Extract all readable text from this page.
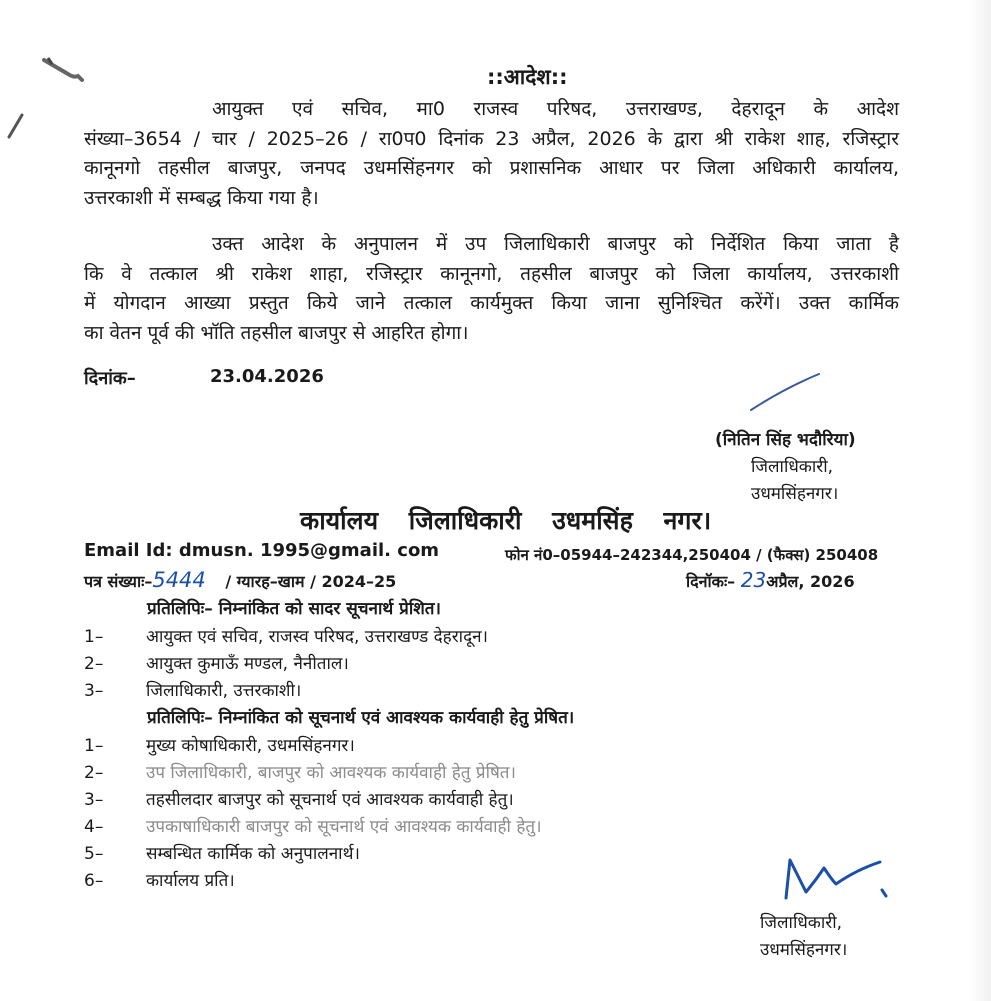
::आदेश::

आयुक्त एवं सचिव, मा0 राजस्व परिषद, उत्तराखण्ड, देहरादून के आदेश
संख्या–3654 / चार / 2025–26 / रा0प0 दिनांक 23 अप्रैल, 2026 के द्वारा श्री राकेश शाह, रजिस्ट्रार
कानूनगो तहसील बाजपुर, जनपद उधमसिंहनगर को प्रशासनिक आधार पर जिला अधिकारी कार्यालय,
उत्तरकाशी में सम्बद्ध किया गया है।

उक्त आदेश के अनुपालन में उप जिलाधिकारी बाजपुर को निर्देशित किया जाता है
कि वे तत्काल श्री राकेश शाहा, रजिस्ट्रार कानूनगो, तहसील बाजपुर को जिला कार्यालय, उत्तरकाशी
में योगदान आख्या प्रस्तुत किये जाने तत्काल कार्यमुक्त किया जाना सुनिश्चित करेंगें। उक्त कार्मिक
का वेतन पूर्व की भॉति तहसील बाजपुर से आहरित होगा।

दिनांक–	23.04.2026
(नितिन सिंह भदौरिया)
जिलाधिकारी,
उधमसिंहनगर।
कार्यालय जिलाधिकारी उधमसिंह नगर।
Email Id: dmusn. 1995@gmail. com	फोन नं0–05944–242344,250404 / (फैक्स) 250408
पत्र संख्याः–5444 / ग्यारह–खाम / 2024–25	दिनॉकः– 23अप्रैल, 2026
प्रतिलिपिः– निम्नांकित को सादर सूचनार्थ प्रेशित।
1–	आयुक्त एवं सचिव, राजस्व परिषद, उत्तराखण्ड देहरादून।
2–	आयुक्त कुमाऊँ मण्डल, नैनीताल।
3–	जिलाधिकारी, उत्तरकाशी।
प्रतिलिपिः– निम्नांकित को सूचनार्थ एवं आवश्यक कार्यवाही हेतु प्रेषित।
1–	मुख्य कोषाधिकारी, उधमसिंहनगर।
2–	उप जिलाधिकारी, बाजपुर को आवश्यक कार्यवाही हेतु प्रेषित।
3–	तहसीलदार बाजपुर को सूचनार्थ एवं आवश्यक कार्यवाही हेतु।
4–	उपकाषाधिकारी बाजपुर को सूचनार्थ एवं आवश्यक कार्यवाही हेतु।
5–	सम्बन्धित कार्मिक को अनुपालनार्थ।
6–	कार्यालय प्रति।
जिलाधिकारी,
उधमसिंहनगर।
